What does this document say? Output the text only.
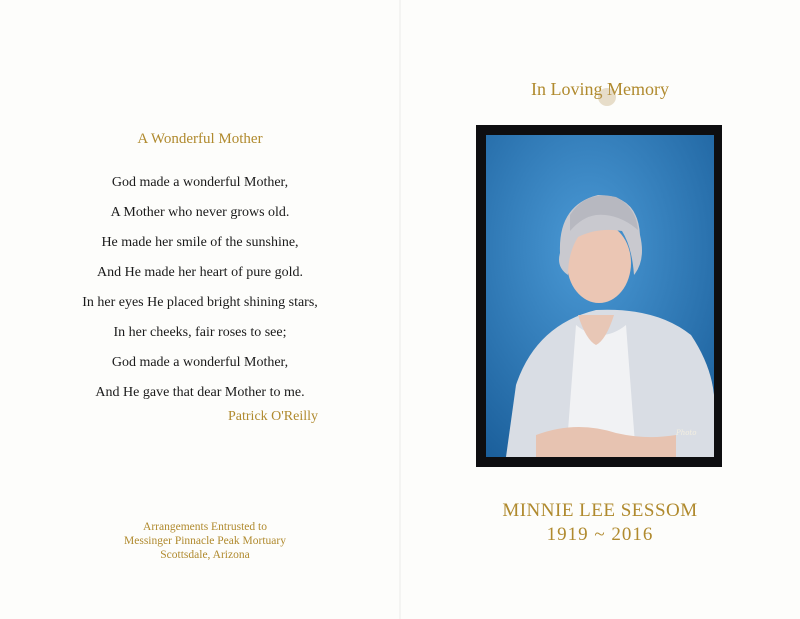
A Wonderful Mother
God made a wonderful Mother,
A Mother who never grows old.
He made her smile of the sunshine,
And He made her heart of pure gold.
In her eyes He placed bright shining stars,
In her cheeks, fair roses to see;
God made a wonderful Mother,
And He gave that dear Mother to me.
Patrick O'Reilly
Arrangements Entrusted to
Messinger Pinnacle Peak Mortuary
Scottsdale, Arizona
In Loving Memory
Photo
MINNIE LEE SESSOM
1919 ~ 2016
